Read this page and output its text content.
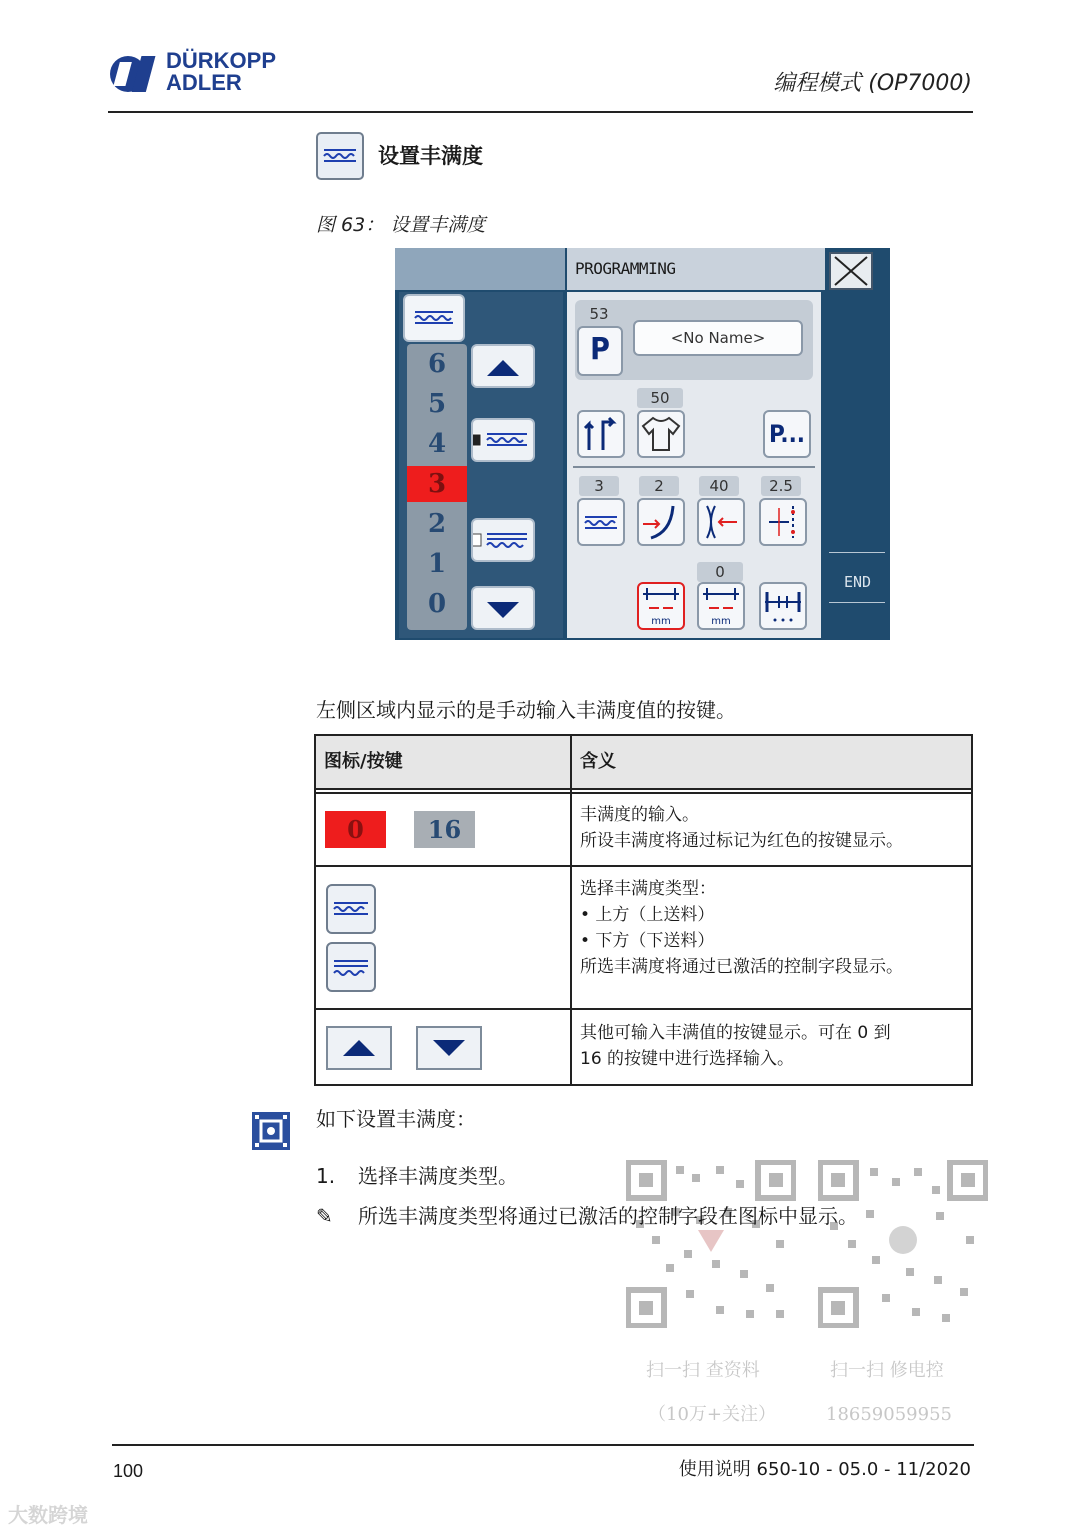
DÜRKOPP
ADLER	编程模式 (OP7000)
设置丰满度
图 63： 设置丰满度
PROGRAMMING
6
5
4
3
2
1
0
53
P	<No Name>
50
P...
3	2	40	2.5
0
mm	mm
END
左侧区域内显示的是手动输入丰满度值的按键。
图标/按键	含义
0	16	丰满度的输入。
所设丰满度将通过标记为红色的按键显示。
选择丰满度类型：
• 上方（上送料）
• 下方（下送料）
所选丰满度将通过已激活的控制字段显示。
其他可输入丰满值的按键显示。可在 0 到
16 的按键中进行选择输入。
如下设置丰满度：
1. 选择丰满度类型。
✎ 所选丰满度类型将通过已激活的控制字段在图标中显示。
扫一扫 查资料
（10万+关注）
扫一扫 修电控
18659059955
100	使用说明 650-10 - 05.0 - 11/2020
大数跨境
